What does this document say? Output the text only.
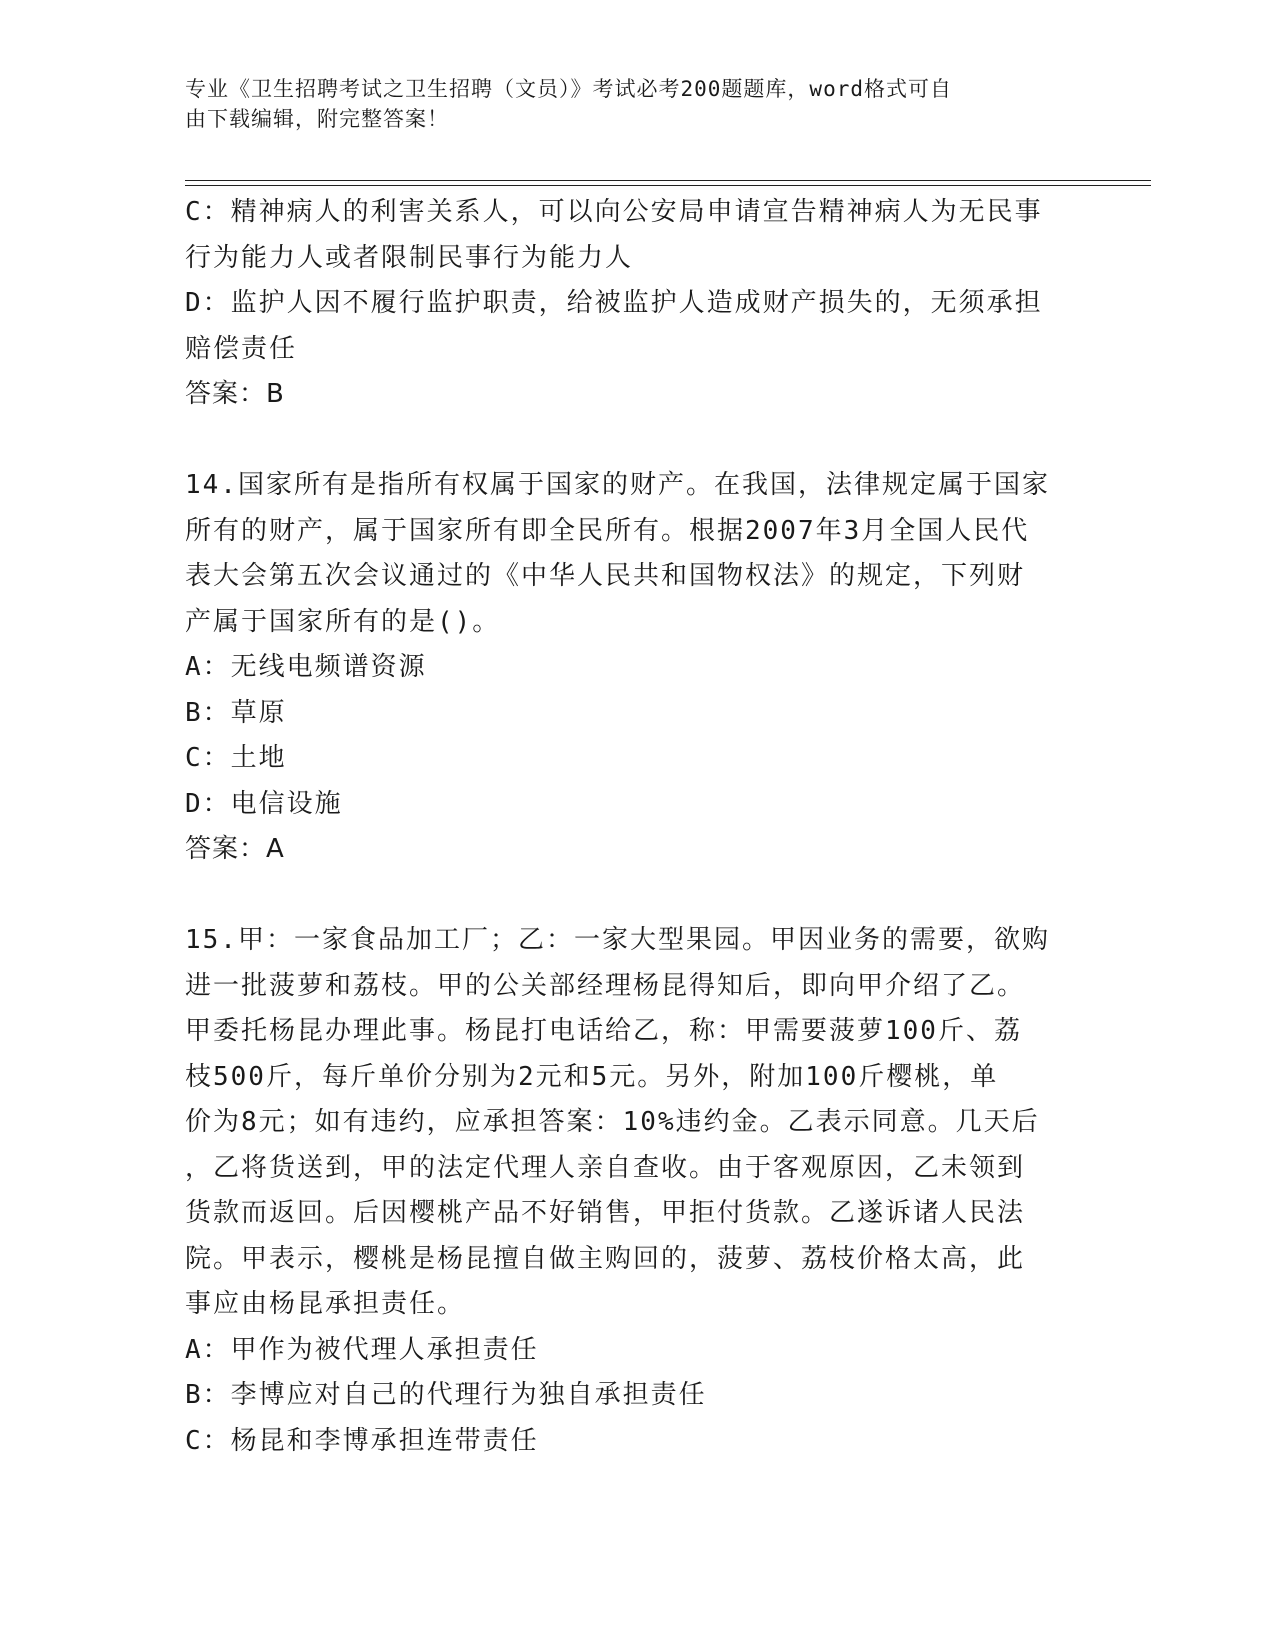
专业《卫生招聘考试之卫生招聘（文员）》考试必考200题题库，word格式可自
由下载编辑，附完整答案！

C：精神病人的利害关系人，可以向公安局申请宣告精神病人为无民事

行为能力人或者限制民事行为能力人

D：监护人因不履行监护职责，给被监护人造成财产损失的，无须承担

赔偿责任

答案：B

14.国家所有是指所有权属于国家的财产。在我国，法律规定属于国家

所有的财产，属于国家所有即全民所有。根据2007年3月全国人民代

表大会第五次会议通过的《中华人民共和国物权法》的规定，下列财

产属于国家所有的是()。

A：无线电频谱资源

B：草原

C：土地

D：电信设施

答案：A

15.甲：一家食品加工厂；乙：一家大型果园。甲因业务的需要，欲购

进一批菠萝和荔枝。甲的公关部经理杨昆得知后，即向甲介绍了乙。

甲委托杨昆办理此事。杨昆打电话给乙，称：甲需要菠萝100斤、荔

枝500斤，每斤单价分别为2元和5元。另外，附加100斤樱桃，单

价为8元；如有违约，应承担答案：10%违约金。乙表示同意。几天后

，乙将货送到，甲的法定代理人亲自查收。由于客观原因，乙未领到

货款而返回。后因樱桃产品不好销售，甲拒付货款。乙遂诉诸人民法

院。甲表示，樱桃是杨昆擅自做主购回的，菠萝、荔枝价格太高，此

事应由杨昆承担责任。

A：甲作为被代理人承担责任

B：李博应对自己的代理行为独自承担责任

C：杨昆和李博承担连带责任
